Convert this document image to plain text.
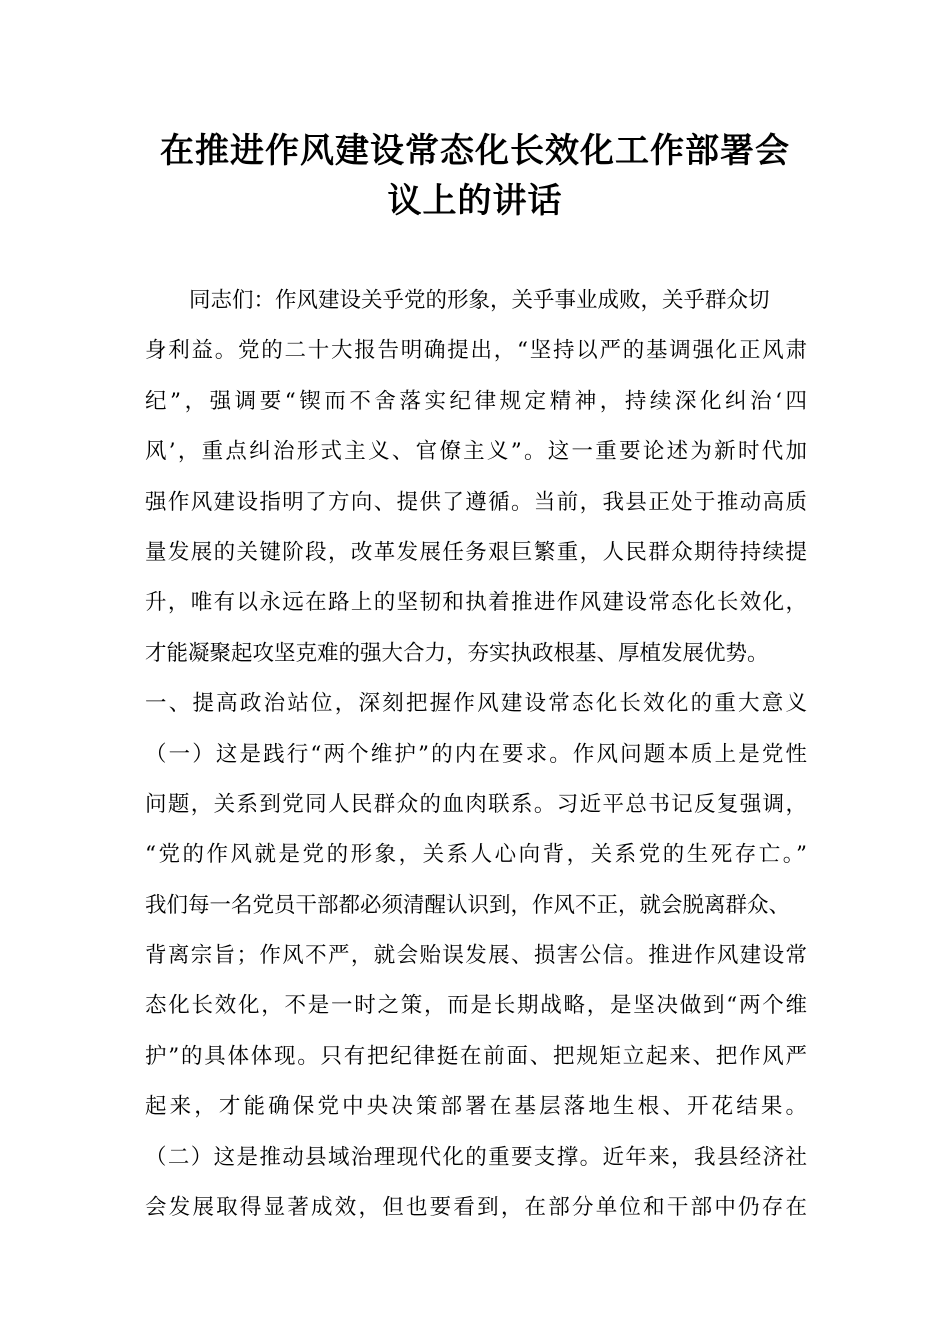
在推进作风建设常态化长效化工作部署会
议上的讲话
同志们：作风建设关乎党的形象，关乎事业成败，关乎群众切
身利益。党的二十大报告明确提出，“坚持以严的基调强化正风肃
纪”，强调要“锲而不舍落实纪律规定精神，持续深化纠治‘四
风’，重点纠治形式主义、官僚主义”。这一重要论述为新时代加
强作风建设指明了方向、提供了遵循。当前，我县正处于推动高质
量发展的关键阶段，改革发展任务艰巨繁重，人民群众期待持续提
升，唯有以永远在路上的坚韧和执着推进作风建设常态化长效化，
才能凝聚起攻坚克难的强大合力，夯实执政根基、厚植发展优势。
一、提高政治站位，深刻把握作风建设常态化长效化的重大意义
（一）这是践行“两个维护”的内在要求。作风问题本质上是党性
问题，关系到党同人民群众的血肉联系。习近平总书记反复强调，
“党的作风就是党的形象，关系人心向背，关系党的生死存亡。”
我们每一名党员干部都必须清醒认识到，作风不正，就会脱离群众、
背离宗旨；作风不严，就会贻误发展、损害公信。推进作风建设常
态化长效化，不是一时之策，而是长期战略，是坚决做到“两个维
护”的具体体现。只有把纪律挺在前面、把规矩立起来、把作风严
起来，才能确保党中央决策部署在基层落地生根、开花结果。
（二）这是推动县域治理现代化的重要支撑。近年来，我县经济社
会发展取得显著成效，但也要看到，在部分单位和干部中仍存在
